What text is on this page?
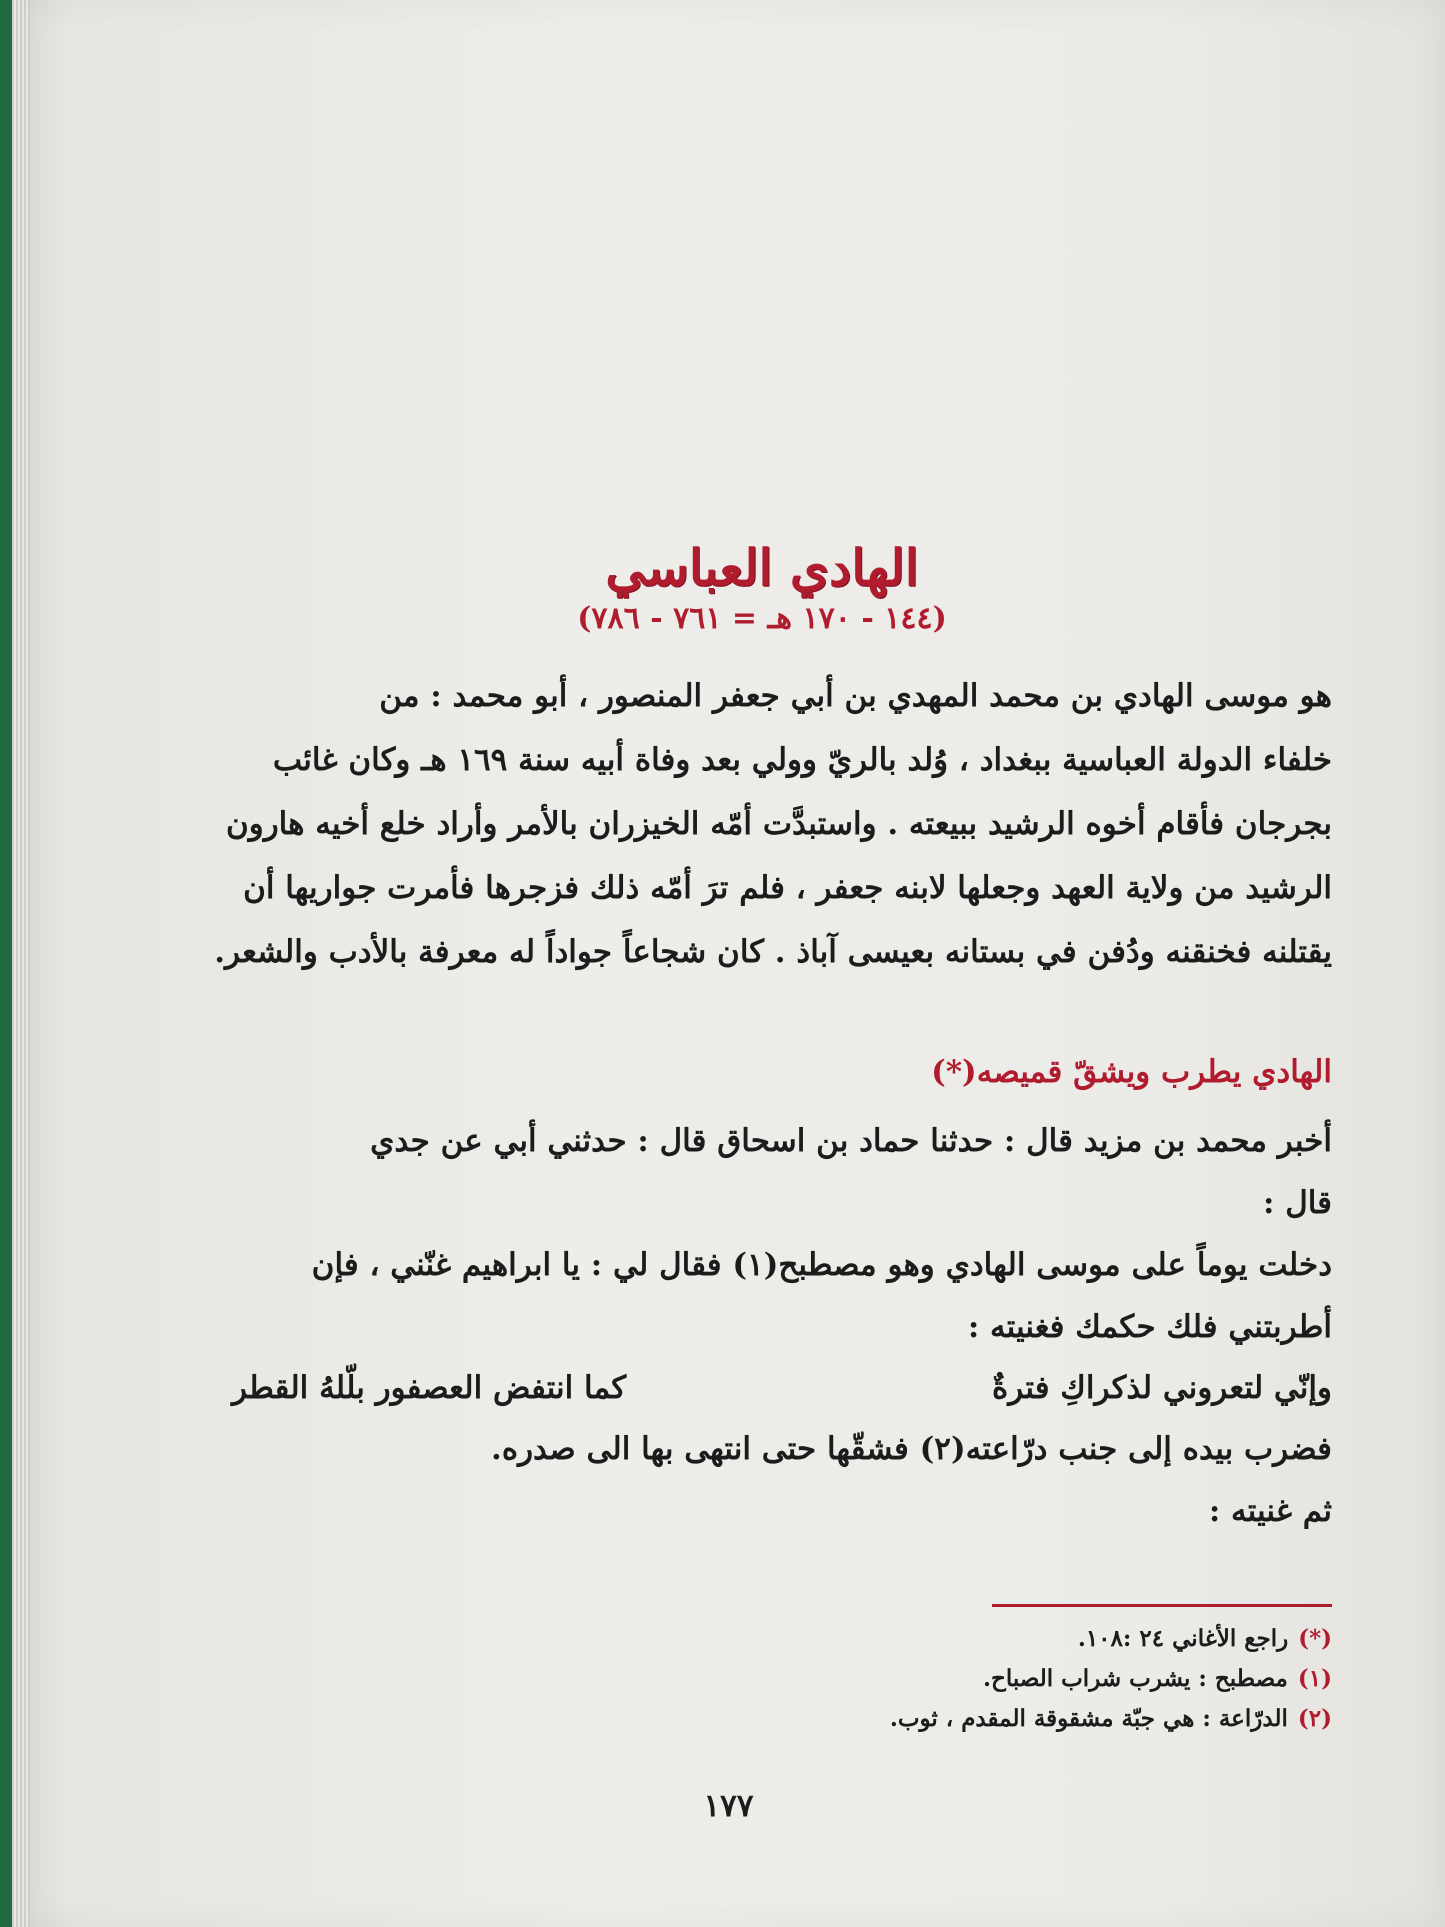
الهادي العباسي
(١٤٤ - ١٧٠ هـ = ٧٦١ - ٧٨٦)

هو موسى الهادي بن محمد المهدي بن أبي جعفر المنصور ، أبو محمد : من

خلفاء الدولة العباسية ببغداد ، وُلد بالريّ وولي بعد وفاة أبيه سنة ١٦٩ هـ وكان غائب

بجرجان فأقام أخوه الرشيد ببيعته . واستبدَّت أمّه الخيزران بالأمر وأراد خلع أخيه هارون

الرشيد من ولاية العهد وجعلها لابنه جعفر ، فلم ترَ أمّه ذلك فزجرها فأمرت جواريها أن

يقتلنه فخنقنه ودُفن في بستانه بعيسى آباذ . كان شجاعاً جواداً له معرفة بالأدب والشعر.

الهادي يطرب ويشقّ قميصه(*)

أخبر محمد بن مزيد قال : حدثنا حماد بن اسحاق قال : حدثني أبي عن جدي

قال :

دخلت يوماً على موسى الهادي وهو مصطبح(١) فقال لي : يا ابراهيم غنّني ، فإن

أطربتني فلك حكمك فغنيته :

وإنّي لتعروني لذكراكِ فترةٌ
كما انتفض العصفور بلّلهُ القطر

فضرب بيده إلى جنب درّاعته(٢) فشقّها حتى انتهى بها الى صدره.

ثم غنيته :

(*)راجع الأغاني ٢٤ :١٠٨.

(١)مصطبح : يشرب شراب الصباح.

(٢)الدرّاعة : هي جبّة مشقوقة المقدم ، ثوب.

١٧٧
